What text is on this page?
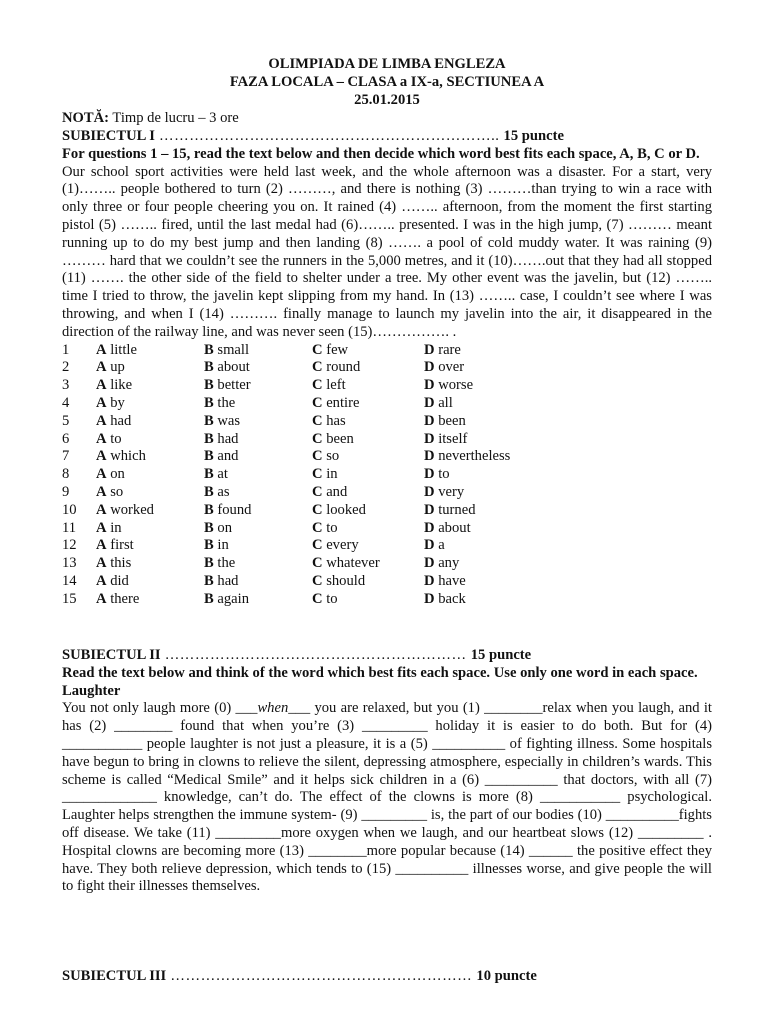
OLIMPIADA DE LIMBA ENGLEZA

FAZA LOCALA – CLASA a IX-a, SECTIUNEA A

25.01.2015

NOTĂ: Timp de lucru – 3 ore

SUBIECTUL I ………………………………………………………….. 15 puncte

For questions 1 – 15, read the text below and then decide which word best fits each space, A, B, C or D.

Our school sport activities were held last week, and the whole afternoon was a disaster. For a start, very (1)…….. people bothered to turn (2) ………, and there is nothing (3) ………than trying to win a race with only three or four people cheering you on. It rained (4) …….. afternoon, from the moment the first starting pistol (5) …….. fired, until the last medal had (6)…….. presented. I was in the high jump, (7) ……… meant running up to do my best jump and then landing (8) ……. a pool of cold muddy water. It was raining (9) ……… hard that we couldn’t see the runners in the 5,000 metres, and it (10)…….out that they had all stopped (11) ……. the other side of the field to shelter under a tree. My other event was the javelin, but (12) …….. time I tried to throw, the javelin kept slipping from my hand. In (13) …….. case, I couldn’t see where I was throwing, and when I (14) ………. finally manage to launch my javelin into the air, it disappeared in the direction of the railway line, and was never seen (15)……………. .

1	A little	B small	C few	D rare
2	A up	B about	C round	D over
3	A like	B better	C left	D worse
4	A by	B the	C entire	D all
5	A had	B was	C has	D been
6	A to	B had	C been	D itself
7	A which	B and	C so	D nevertheless
8	A on	B at	C in	D to
9	A so	B as	C and	D very
10	A worked	B found	C looked	D turned
11	A in	B on	C to	D about
12	A first	B in	C every	D a
13	A this	B the	C whatever	D any
14	A did	B had	C should	D have
15	A there	B again	C to	D back

SUBIECTUL II …………………………………………………… 15 puncte

Read the text below and think of the word which best fits each space. Use only one word in each space.

Laughter

You not only laugh more (0) ___when___ you are relaxed, but you (1) ________relax when you laugh, and it has (2) ________ found that when you’re (3) _________ holiday it is easier to do both. But for (4) ___________ people laughter is not just a pleasure, it is a (5) __________ of fighting illness. Some hospitals have begun to bring in clowns to relieve the silent, depressing atmosphere, especially in children’s wards. This scheme is called “Medical Smile” and it helps sick children in a (6) __________ that doctors, with all (7) _____________ knowledge, can’t do. The effect of the clowns is more (8) ___________ psychological. Laughter helps strengthen the immune system- (9) _________ is, the part of our bodies (10) __________fights off disease. We take (11) _________more oxygen when we laugh, and our heartbeat slows (12) _________ . Hospital clowns are becoming more (13) ________more popular because (14) ______ the positive effect they have. They both relieve depression, which tends to (15) __________ illnesses worse, and give people the will to fight their illnesses themselves.

SUBIECTUL III …………………………………………………… 10 puncte
